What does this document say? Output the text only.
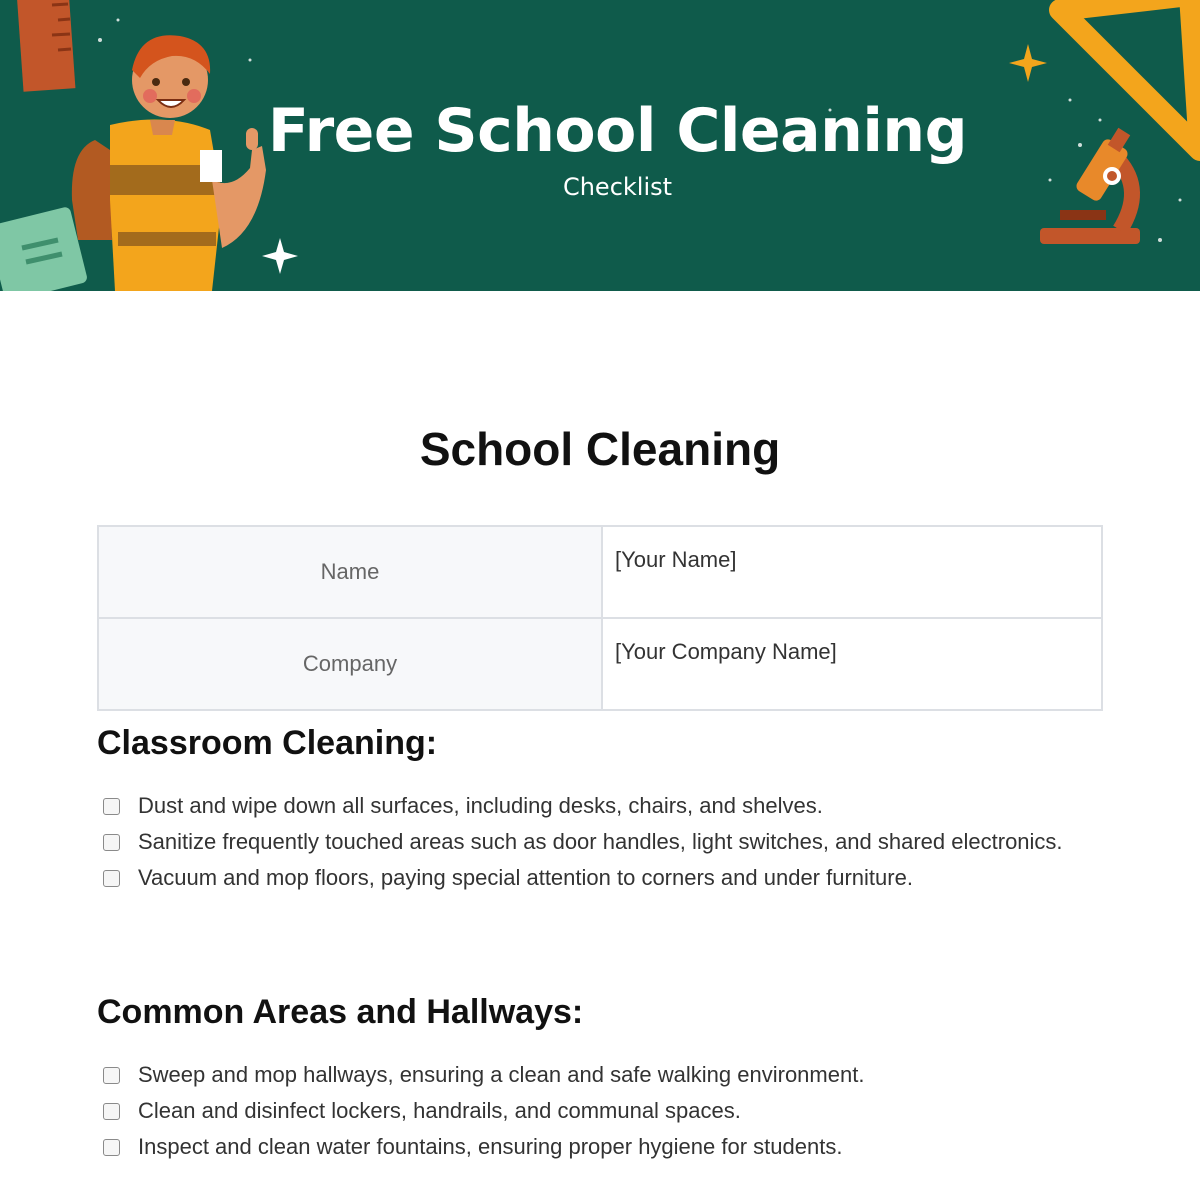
Free School Cleaning

Checklist

School Cleaning
Name	[Your Name]
Company	[Your Company Name]
Classroom Cleaning:
Dust and wipe down all surfaces, including desks, chairs, and shelves.
Sanitize frequently touched areas such as door handles, light switches, and shared electronics.
Vacuum and mop floors, paying special attention to corners and under furniture.
Common Areas and Hallways:
Sweep and mop hallways, ensuring a clean and safe walking environment.
Clean and disinfect lockers, handrails, and communal spaces.
Inspect and clean water fountains, ensuring proper hygiene for students.
